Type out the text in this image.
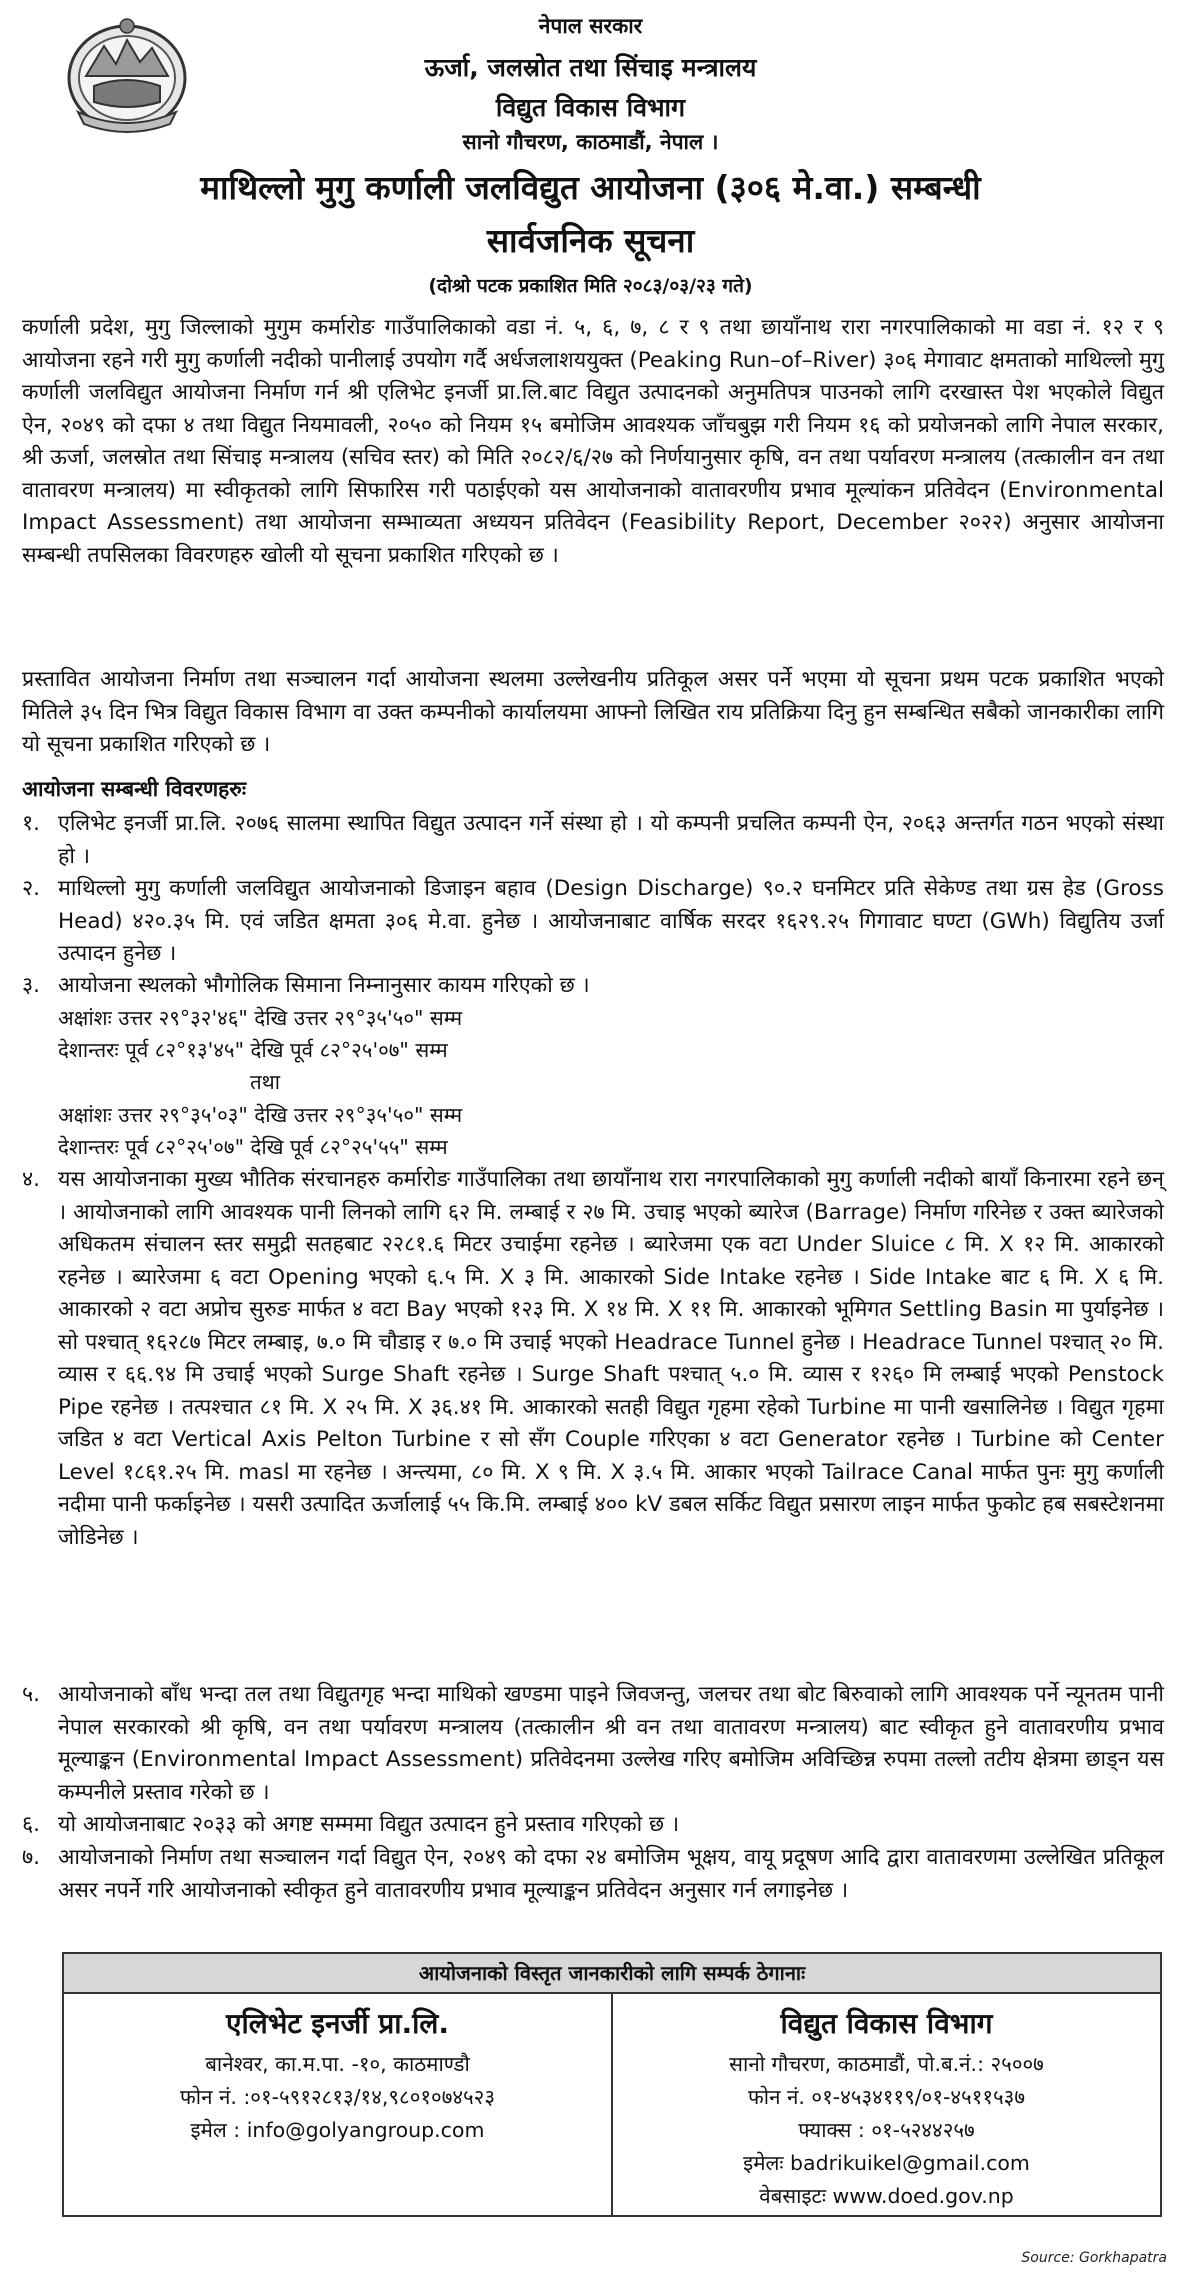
नेपाल सरकार
ऊर्जा, जलस्रोत तथा सिंचाइ मन्त्रालय
विद्युत विकास विभाग
सानो गौचरण, काठमाडौं, नेपाल ।
माथिल्लो मुगु कर्णाली जलविद्युत आयोजना (३०६ मे.वा.) सम्बन्धी
सार्वजनिक सूचना
(दोश्रो पटक प्रकाशित मिति २०८३/०३/२३ गते)
कर्णाली प्रदेश, मुगु जिल्लाको मुगुम कर्मारोङ गाउँपालिकाको वडा नं. ५, ६, ७, ८ र ९ तथा छायाँनाथ रारा नगरपालिकाको मा वडा नं. १२ र ९ आयोजना रहने गरी मुगु कर्णाली नदीको पानीलाई उपयोग गर्दै अर्धजलाशययुक्त (Peaking Run–of–River) ३०६ मेगावाट क्षमताको माथिल्लो मुगु कर्णाली जलविद्युत आयोजना निर्माण गर्न श्री एलिभेट इनर्जी प्रा.लि.बाट विद्युत उत्पादनको अनुमतिपत्र पाउनको लागि दरखास्त पेश भएकोले विद्युत ऐन, २०४९ को दफा ४ तथा विद्युत नियमावली, २०५० को नियम १५ बमोजिम आवश्यक जाँचबुझ गरी नियम १६ को प्रयोजनको लागि नेपाल सरकार, श्री ऊर्जा, जलस्रोत तथा सिंचाइ मन्त्रालय (सचिव स्तर) को मिति २०८२/६/२७ को निर्णयानुसार कृषि, वन तथा पर्यावरण मन्त्रालय (तत्कालीन वन तथा वातावरण मन्त्रालय) मा स्वीकृतको लागि सिफारिस गरी पठाईएको यस आयोजनाको वातावरणीय प्रभाव मूल्यांकन प्रतिवेदन (Environmental Impact Assessment) तथा आयोजना सम्भाव्यता अध्ययन प्रतिवेदन (Feasibility Report, December २०२२) अनुसार आयोजना सम्बन्धी तपसिलका विवरणहरु खोली यो सूचना प्रकाशित गरिएको छ ।
प्रस्तावित आयोजना निर्माण तथा सञ्चालन गर्दा आयोजना स्थलमा उल्लेखनीय प्रतिकूल असर पर्ने भएमा यो सूचना प्रथम पटक प्रकाशित भएको मितिले ३५ दिन भित्र विद्युत विकास विभाग वा उक्त कम्पनीको कार्यालयमा आफ्नो लिखित राय प्रतिक्रिया दिनु हुन सम्बन्धित सबैको जानकारीका लागि यो सूचना प्रकाशित गरिएको छ ।
आयोजना सम्बन्धी विवरणहरुः
१. एलिभेट इनर्जी प्रा.लि. २०७६ सालमा स्थापित विद्युत उत्पादन गर्ने संस्था हो । यो कम्पनी प्रचलित कम्पनी ऐन, २०६३ अन्तर्गत गठन भएको संस्था हो ।
२. माथिल्लो मुगु कर्णाली जलविद्युत आयोजनाको डिजाइन बहाव (Design Discharge) ९०.२ घनमिटर प्रति सेकेण्ड तथा ग्रस हेड (Gross Head) ४२०.३५ मि. एवं जडित क्षमता ३०६ मे.वा. हुनेछ । आयोजनाबाट वार्षिक सरदर १६२९.२५ गिगावाट घण्टा (GWh) विद्युतिय उर्जा उत्पादन हुनेछ ।
३. आयोजना स्थलको भौगोलिक सिमाना निम्नानुसार कायम गरिएको छ ।
अक्षांशः उत्तर २९°३२'४६" देखि उत्तर २९°३५'५०" सम्म
देशान्तरः पूर्व ८२°१३'४५" देखि पूर्व ८२°२५'०७" सम्म
तथा
अक्षांशः उत्तर २९°३५'०३" देखि उत्तर २९°३५'५०" सम्म
देशान्तरः पूर्व ८२°२५'०७" देखि पूर्व ८२°२५'५५" सम्म
४. यस आयोजनाका मुख्य भौतिक संरचानहरु कर्मारोङ गाउँपालिका तथा छायाँनाथ रारा नगरपालिकाको मुगु कर्णाली नदीको बायाँ किनारमा रहने छन् । आयोजनाको लागि आवश्यक पानी लिनको लागि ६२ मि. लम्बाई र २७ मि. उचाइ भएको ब्यारेज (Barrage) निर्माण गरिनेछ र उक्त ब्यारेजको अधिकतम संचालन स्तर समुद्री सतहबाट २२८१.६ मिटर उचाईमा रहनेछ । ब्यारेजमा एक वटा Under Sluice ८ मि. X १२ मि. आकारको रहनेछ । ब्यारेजमा ६ वटा Opening भएको ६.५ मि. X ३ मि. आकारको Side Intake रहनेछ । Side Intake बाट ६ मि. X ६ मि. आकारको २ वटा अप्रोच सुरुङ मार्फत ४ वटा Bay भएको १२३ मि. X १४ मि. X ११ मि. आकारको भूमिगत Settling Basin मा पुर्याइनेछ । सो पश्चात् १६२८७ मिटर लम्बाइ, ७.० मि चौडाइ र ७.० मि उचाई भएको Headrace Tunnel हुनेछ । Headrace Tunnel पश्चात् २० मि. व्यास र ६६.९४ मि उचाई भएको Surge Shaft रहनेछ । Surge Shaft पश्चात् ५.० मि. व्यास र १२६० मि लम्बाई भएको Penstock Pipe रहनेछ । तत्पश्चात ८१ मि. X २५ मि. X ३६.४१ मि. आकारको सतही विद्युत गृहमा रहेको Turbine मा पानी खसालिनेछ । विद्युत गृहमा जडित ४ वटा Vertical Axis Pelton Turbine र सो सँग Couple गरिएका ४ वटा Generator रहनेछ । Turbine को Center Level १८६१.२५ मि. masl मा रहनेछ । अन्त्यमा, ८० मि. X ९ मि. X ३.५ मि. आकार भएको Tailrace Canal मार्फत पुनः मुगु कर्णाली नदीमा पानी फर्काइनेछ । यसरी उत्पादित ऊर्जालाई ५५ कि.मि. लम्बाई ४०० kV डबल सर्किट विद्युत प्रसारण लाइन मार्फत फुकोट हब सबस्टेशनमा जोडिनेछ ।
५. आयोजनाको बाँध भन्दा तल तथा विद्युतगृह भन्दा माथिको खण्डमा पाइने जिवजन्तु, जलचर तथा बोट बिरुवाको लागि आवश्यक पर्ने न्यूनतम पानी नेपाल सरकारको श्री कृषि, वन तथा पर्यावरण मन्त्रालय (तत्कालीन श्री वन तथा वातावरण मन्त्रालय) बाट स्वीकृत हुने वातावरणीय प्रभाव मूल्याङ्कन (Environmental Impact Assessment) प्रतिवेदनमा उल्लेख गरिए बमोजिम अविच्छिन्न रुपमा तल्लो तटीय क्षेत्रमा छाड्न यस कम्पनीले प्रस्ताव गरेको छ ।
६. यो आयोजनाबाट २०३३ को अगष्ट सम्ममा विद्युत उत्पादन हुने प्रस्ताव गरिएको छ ।
७. आयोजनाको निर्माण तथा सञ्चालन गर्दा विद्युत ऐन, २०४९ को दफा २४ बमोजिम भूक्षय, वायू प्रदूषण आदि द्वारा वातावरणमा उल्लेखित प्रतिकूल असर नपर्ने गरि आयोजनाको स्वीकृत हुने वातावरणीय प्रभाव मूल्याङ्कन प्रतिवेदन अनुसार गर्न लगाइनेछ ।
आयोजनाको विस्तृत जानकारीको लागि सम्पर्क ठेगानाः
एलिभेट इनर्जी प्रा.लि.
बानेश्वर, का.म.पा. -१०, काठमाण्डौ
फोन नं. :०१-५९१२८१३/१४,९८०१०७४५२३
इमेल : info@golyangroup.com
विद्युत विकास विभाग
सानो गौचरण, काठमाडौं, पो.ब.नं.: २५००७
फोन नं. ०१-४५३४११९/०१-४५११५३७
फ्याक्स : ०१-५२४४२५७
इमेलः badrikuikel@gmail.com
वेबसाइटः www.doed.gov.np
Source: Gorkhapatra
